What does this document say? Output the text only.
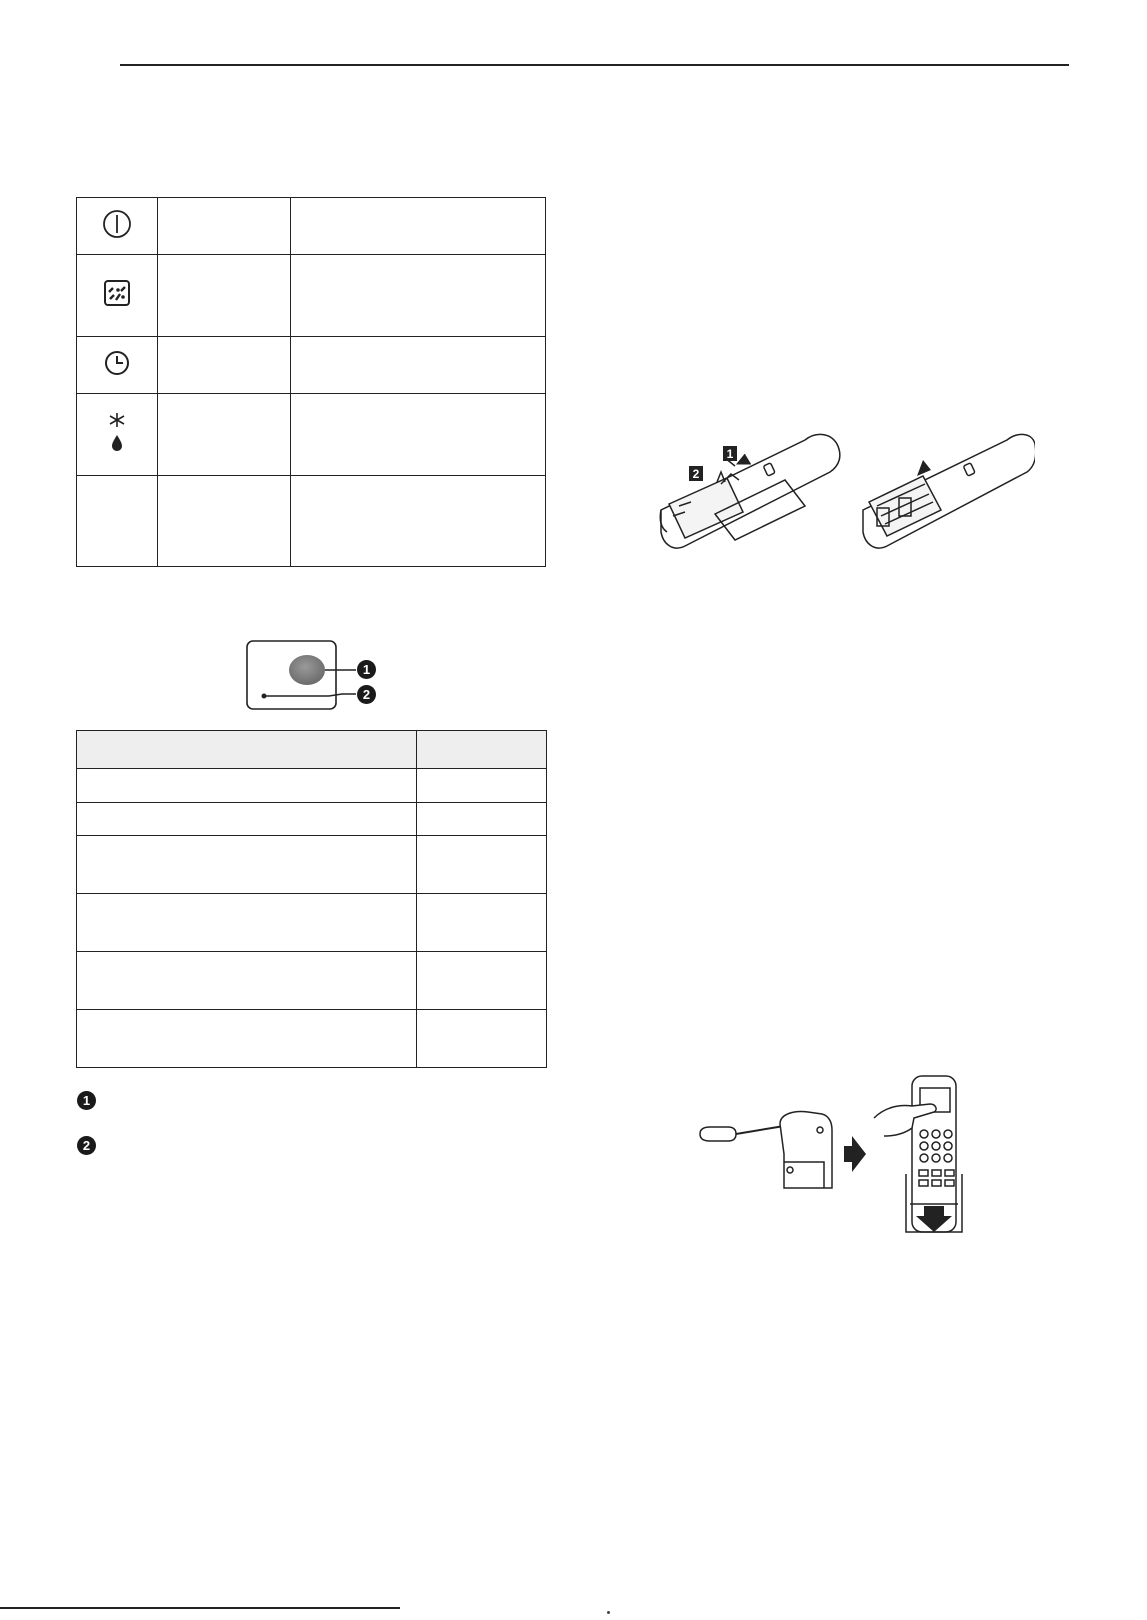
1
2

1
2
2
1
